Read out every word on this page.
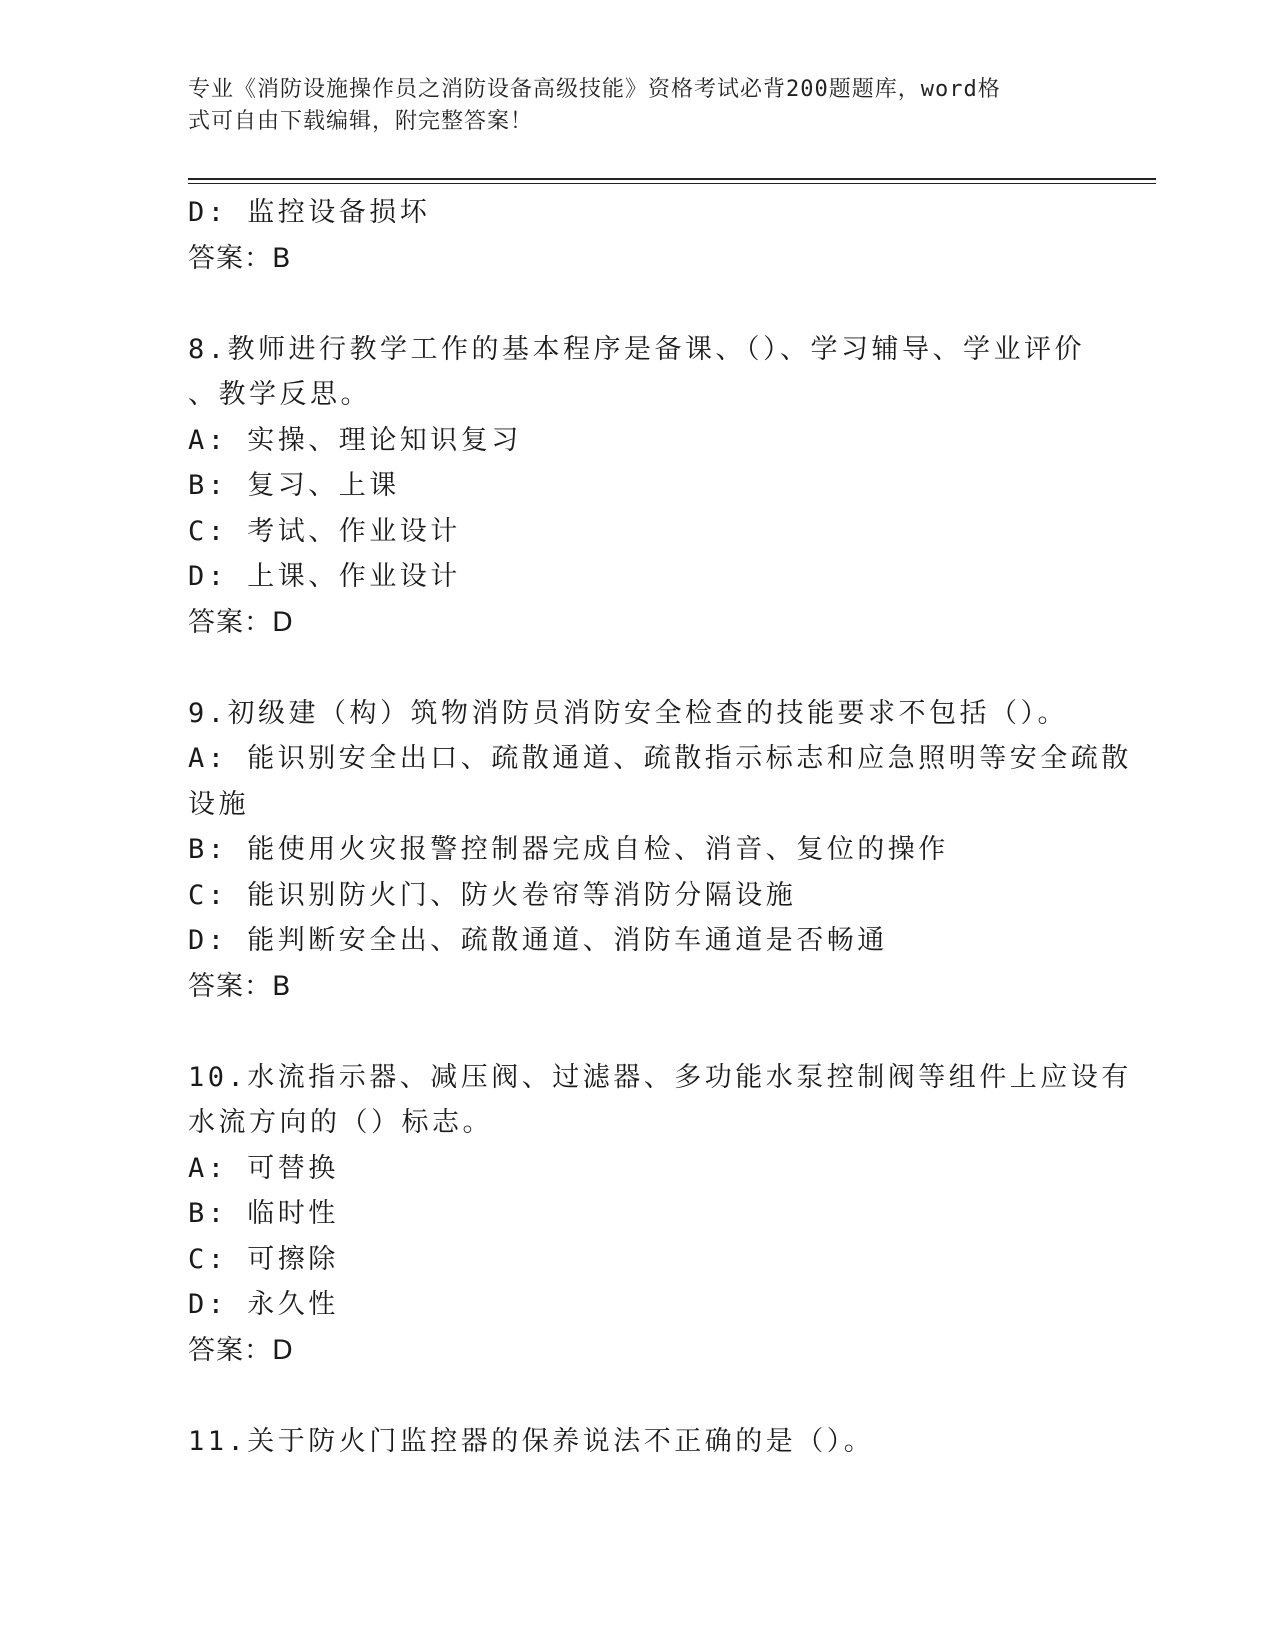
专业《消防设施操作员之消防设备高级技能》资格考试必背200题题库，word格
式可自由下载编辑，附完整答案！
D: 监控设备损坏
答案：B
8.教师进行教学工作的基本程序是备课、（）、学习辅导、学业评价
、教学反思。
A: 实操、理论知识复习
B: 复习、上课
C: 考试、作业设计
D: 上课、作业设计
答案：D
9.初级建（构）筑物消防员消防安全检查的技能要求不包括（）。
A: 能识别安全出口、疏散通道、疏散指示标志和应急照明等安全疏散
设施
B: 能使用火灾报警控制器完成自检、消音、复位的操作
C: 能识别防火门、防火卷帘等消防分隔设施
D: 能判断安全出、疏散通道、消防车通道是否畅通
答案：B
10.水流指示器、减压阀、过滤器、多功能水泵控制阀等组件上应设有
水流方向的（）标志。
A: 可替换
B: 临时性
C: 可擦除
D: 永久性
答案：D
11.关于防火门监控器的保养说法不正确的是（）。
